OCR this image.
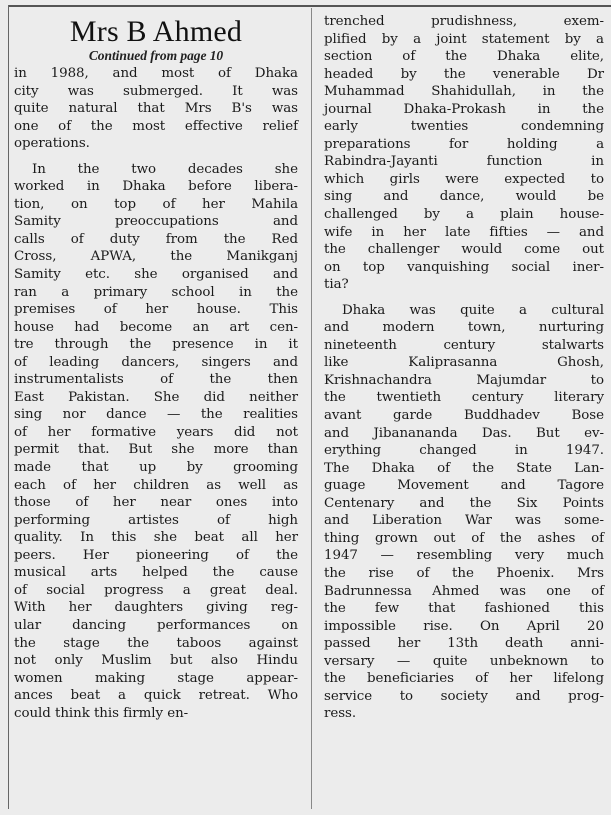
Mrs B Ahmed
Continued from page 10
in 1988, and most of Dhaka
city was submerged. It was
quite natural that Mrs B's was
one of the most effective relief
operations.
In the two decades she
worked in Dhaka before libera-
tion, on top of her Mahila
Samity preoccupations and
calls of duty from the Red
Cross, APWA, the Manikganj
Samity etc. she organised and
ran a primary school in the
premises of her house. This
house had become an art cen-
tre through the presence in it
of leading dancers, singers and
instrumentalists of the then
East Pakistan. She did neither
sing nor dance — the realities
of her formative years did not
permit that. But she more than
made that up by grooming
each of her children as well as
those of her near ones into
performing artistes of high
quality. In this she beat all her
peers. Her pioneering of the
musical arts helped the cause
of social progress a great deal.
With her daughters giving reg-
ular dancing performances on
the stage the taboos against
not only Muslim but also Hindu
women making stage appear-
ances beat a quick retreat. Who
could think this firmly en-
trenched prudishness, exem-
plified by a joint statement by a
section of the Dhaka elite,
headed by the venerable Dr
Muhammad Shahidullah, in the
journal Dhaka-Prokash in the
early twenties condemning
preparations for holding a
Rabindra-Jayanti function in
which girls were expected to
sing and dance, would be
challenged by a plain house-
wife in her late fifties — and
the challenger would come out
on top vanquishing social iner-
tia?
Dhaka was quite a cultural
and modern town, nurturing
nineteenth century stalwarts
like Kaliprasanna Ghosh,
Krishnachandra Majumdar to
the twentieth century literary
avant garde Buddhadev Bose
and Jibanananda Das. But ev-
erything changed in 1947.
The Dhaka of the State Lan-
guage Movement and Tagore
Centenary and the Six Points
and Liberation War was some-
thing grown out of the ashes of
1947 — resembling very much
the rise of the Phoenix. Mrs
Badrunnessa Ahmed was one of
the few that fashioned this
impossible rise. On April 20
passed her 13th death anni-
versary — quite unbeknown to
the beneficiaries of her lifelong
service to society and prog-
ress.
